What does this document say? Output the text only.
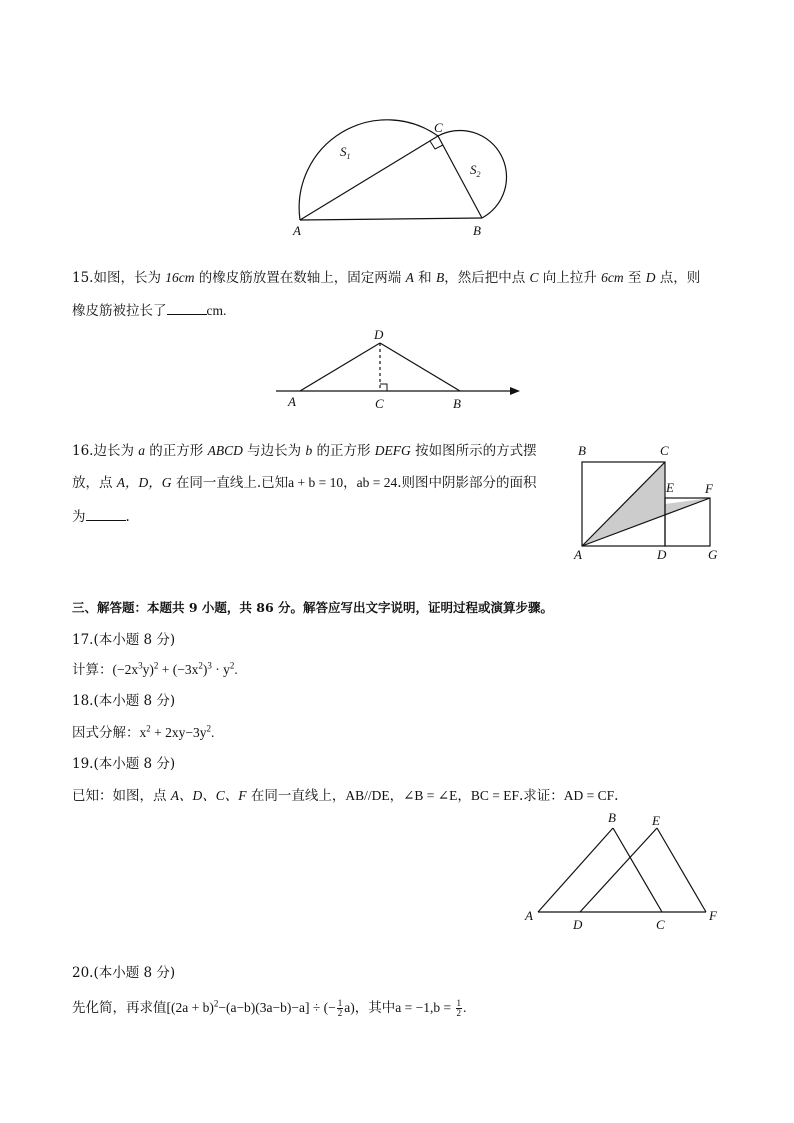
$S_1$
$S_2$
A	B
C
15.如图，长为 16cm 的橡皮筋放置在数轴上，固定两端 A 和 B，然后把中点 C 向上拉升 6cm 至 D 点，则
橡皮筋被拉长了	cm.
D
A	C	B
16.边长为 a 的正方形 ABCD 与边长为 b 的正方形 DEFG 按如图所示的方式摆
放，点 A，D，G 在同一直线上.已知a + b = 10，ab = 24.则图中阴影部分的面积
为	.
B	C
E F
A	D	G
三、解答题：本题共 9 小题，共 86 分。解答应写出文字说明，证明过程或演算步骤。
17.(本小题 8 分)
计算：$(-2x^3y)^2 + (-3x^2)^3 \cdot y^2$.
18.(本小题 8 分)
因式分解：$x^2 + 2xy-3y^2$.
19.(本小题 8 分)
已知：如图，点 A、D、C、F 在同一直线上，AB//DE，∠B = ∠E，BC = EF.求证：AD = CF.
B	E
A
D	C
F
20.(本小题 8 分)
先化简，再求值$[(2a + b)^2-(a-b)(3a-b)-a]$ ÷ (− $\frac{1}{2} a$)，其中$a = -1,b = \frac{1}{2}$ .
